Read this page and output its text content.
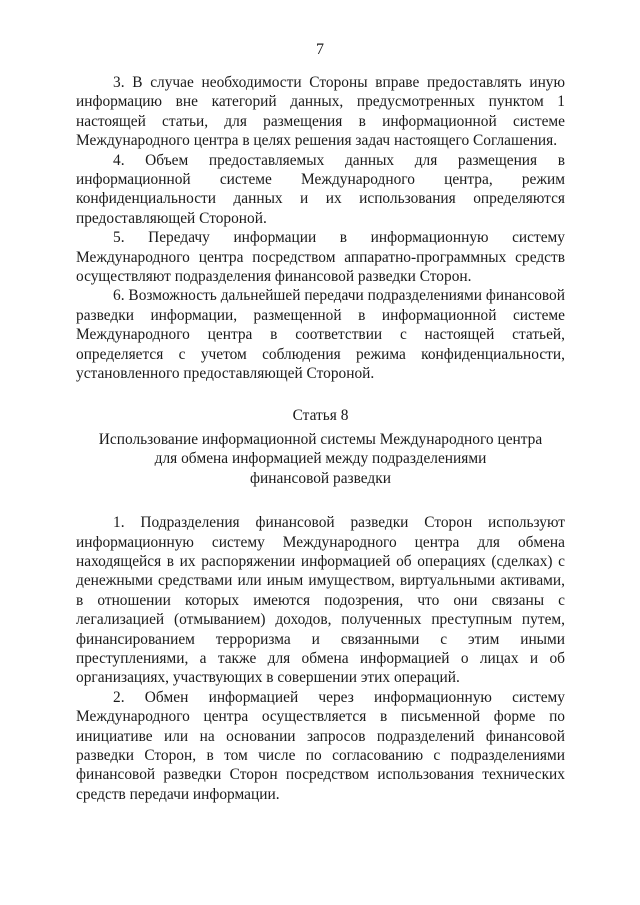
7

3. В случае необходимости Стороны вправе предоставлять иную информацию вне категорий данных, предусмотренных пунктом 1 настоящей статьи, для размещения в информационной системе Международного центра в целях решения задач настоящего Соглашения.

4. Объем предоставляемых данных для размещения в информационной системе Международного центра, режим конфиденциальности данных и их использования определяются предоставляющей Стороной.

5. Передачу информации в информационную систему Международного центра посредством аппаратно-программных средств осуществляют подразделения финансовой разведки Сторон.

6. Возможность дальнейшей передачи подразделениями финансовой разведки информации, размещенной в информационной системе Международного центра в соответствии с настоящей статьей, определяется с учетом соблюдения режима конфиденциальности, установленного предоставляющей Стороной.

Статья 8
Использование информационной системы Международного центра
для обмена информацией между подразделениями
финансовой разведки

1. Подразделения финансовой разведки Сторон используют информационную систему Международного центра для обмена находящейся в их распоряжении информацией об операциях (сделках) с денежными средствами или иным имуществом, виртуальными активами, в отношении которых имеются подозрения, что они связаны с легализацией (отмыванием) доходов, полученных преступным путем, финансированием терроризма и связанными с этим иными преступлениями, а также для обмена информацией о лицах и об организациях, участвующих в совершении этих операций.

2. Обмен информацией через информационную систему Международного центра осуществляется в письменной форме по инициативе или на основании запросов подразделений финансовой разведки Сторон, в том числе по согласованию с подразделениями финансовой разведки Сторон посредством использования технических средств передачи информации.
